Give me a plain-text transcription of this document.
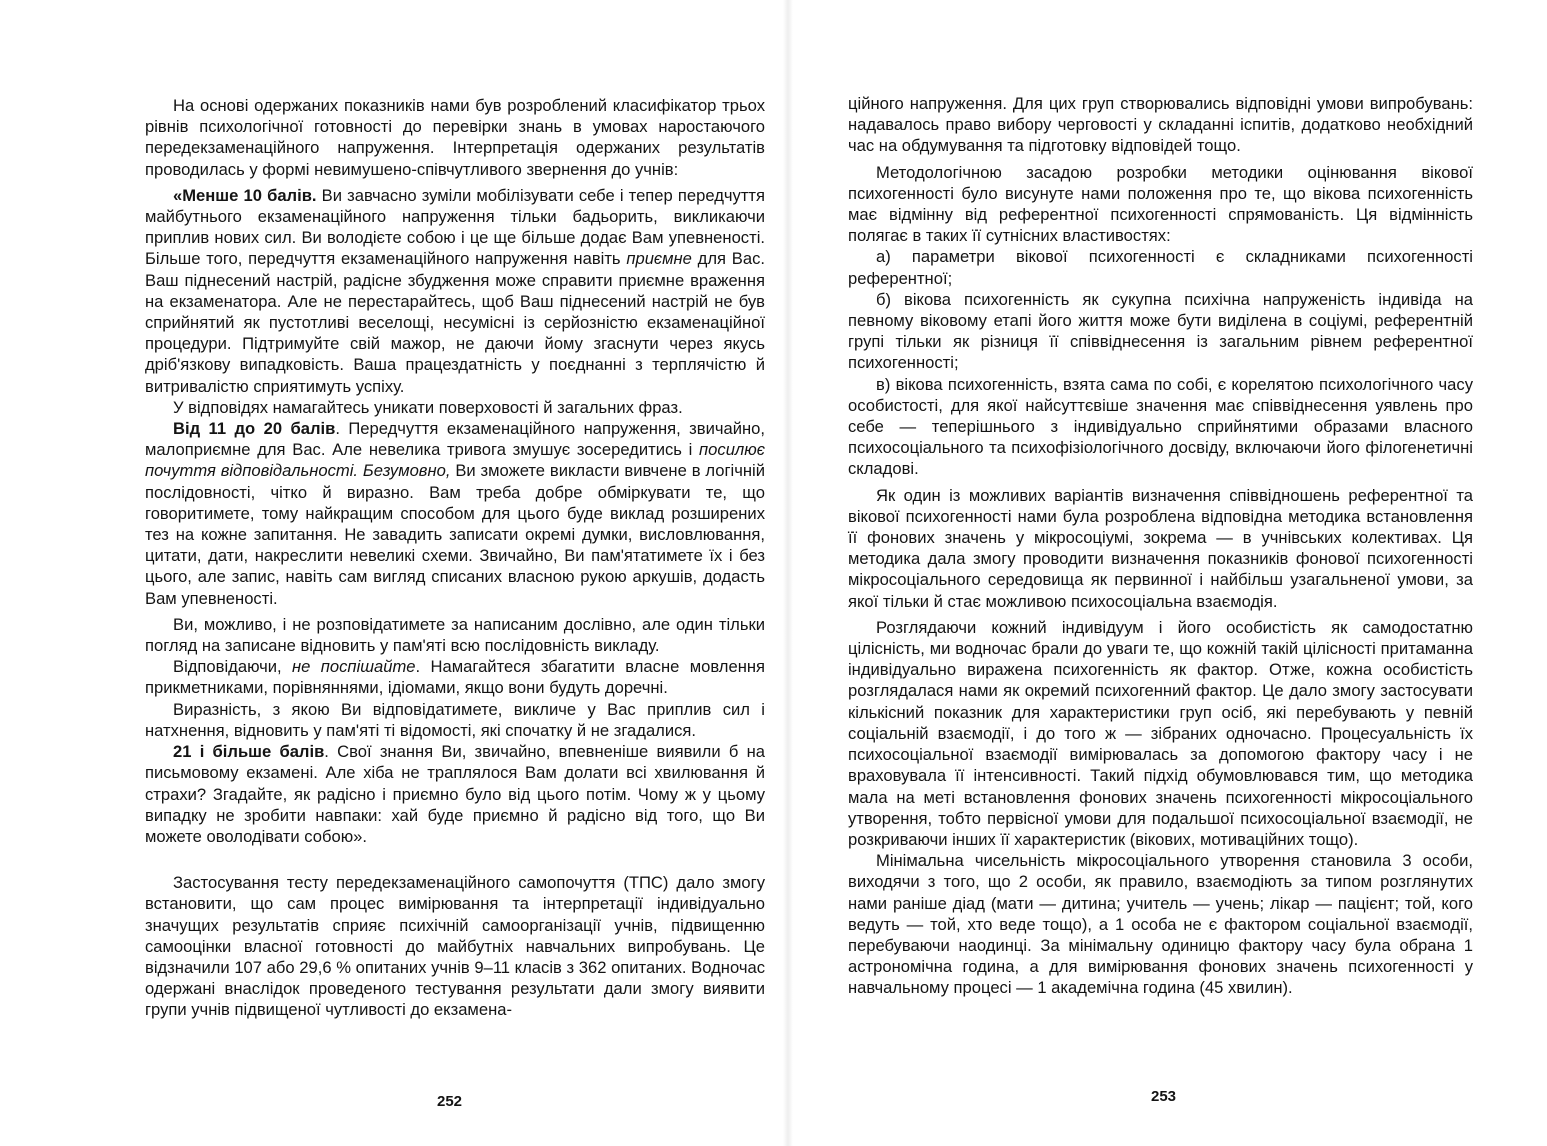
На основі одержаних показників нами був розроблений класифікатор трьох рівнів психологічної готовності до перевірки знань в умовах наростаючого передекзаменаційного напруження. Інтерпретація одержаних результатів проводилась у формі невимушено-співчутливого звернення до учнів:

«Менше 10 балів. Ви завчасно зуміли мобілізувати себе і тепер передчуття майбутнього екзаменаційного напруження тільки бадьорить, викликаючи приплив нових сил. Ви володієте собою і це ще більше додає Вам упевненості. Більше того, передчуття екзаменаційного напруження навіть приємне для Вас. Ваш піднесений настрій, радісне збудження може справити приємне враження на екзаменатора. Але не перестарайтесь, щоб Ваш піднесений настрій не був сприйнятий як пустотливі веселощі, несумісні із серйозністю екзаменаційної процедури. Підтримуйте свій мажор, не даючи йому згаснути через якусь дріб'язкову випадковість. Ваша працездатність у поєднанні з терплячістю й витривалістю сприятимуть успіху.

У відповідях намагайтесь уникати поверховості й загальних фраз.

Від 11 до 20 балів. Передчуття екзаменаційного напруження, звичайно, малоприємне для Вас. Але невелика тривога змушує зосередитись і посилює почуття відповідальності. Безумовно, Ви зможете викласти вивчене в логічній послідовності, чітко й виразно. Вам треба добре обміркувати те, що говоритимете, тому найкращим способом для цього буде виклад розширених тез на кожне запитання. Не завадить записати окремі думки, висловлювання, цитати, дати, накреслити невеликі схеми. Звичайно, Ви пам'ятатимете їх і без цього, але запис, навіть сам вигляд списаних власною рукою аркушів, додасть Вам упевненості.

Ви, можливо, і не розповідатимете за написаним дослівно, але один тільки погляд на записане відновить у пам'яті всю послідовність викладу.

Відповідаючи, не поспішайте. Намагайтеся збагатити власне мовлення прикметниками, порівняннями, ідіомами, якщо вони будуть доречні.

Виразність, з якою Ви відповідатимете, викличе у Вас приплив сил і натхнення, відновить у пам'яті ті відомості, які спочатку й не згадалися.

21 і більше балів. Свої знання Ви, звичайно, впевненіше виявили б на письмовому екзамені. Але хіба не траплялося Вам долати всі хвилювання й страхи? Згадайте, як радісно і приємно було від цього потім. Чому ж у цьому випадку не зробити навпаки: хай буде приємно й радісно від того, що Ви можете оволодівати собою».

Застосування тесту передекзаменаційного самопочуття (ТПС) дало змогу встановити, що сам процес вимірювання та інтерпретації індивідуально значущих результатів сприяє психічній самоорганізації учнів, підвищенню самооцінки власної готовності до майбутніх навчальних випробувань. Це відзначили 107 або 29,6 % опитаних учнів 9–11 класів з 362 опитаних. Водночас одержані внаслідок проведеного тестування результати дали змогу виявити групи учнів підвищеної чутливості до екзамена-

252

ційного напруження. Для цих груп створювались відповідні умови випробувань: надавалось право вибору черговості у складанні іспитів, додатково необхідний час на обдумування та підготовку відповідей тощо.

Методологічною засадою розробки методики оцінювання вікової психогенності було висунуте нами положення про те, що вікова психогенність має відмінну від референтної психогенності спрямованість. Ця відмінність полягає в таких її сутнісних властивостях:

а) параметри вікової психогенності є складниками психогенності референтної;

б) вікова психогенність як сукупна психічна напруженість індивіда на певному віковому етапі його життя може бути виділена в соціумі, референтній групі тільки як різниця її співвіднесення із загальним рівнем референтної психогенності;

в) вікова психогенність, взята сама по собі, є корелятою психологічного часу особистості, для якої найсуттєвіше значення має співвіднесення уявлень про себе — теперішнього з індивідуально сприйнятими образами власного психосоціального та психофізіологічного досвіду, включаючи його філогенетичні складові.

Як один із можливих варіантів визначення співвідношень референтної та вікової психогенності нами була розроблена відповідна методика встановлення її фонових значень у мікросоціумі, зокрема — в учнівських колективах. Ця методика дала змогу проводити визначення показників фонової психогенності мікросоціального середовища як первинної і найбільш узагальненої умови, за якої тільки й стає можливою психосоціальна взаємодія.

Розглядаючи кожний індивідуум і його особистість як самодостатню цілісність, ми водночас брали до уваги те, що кожній такій цілісності притаманна індивідуально виражена психогенність як фактор. Отже, кожна особистість розглядалася нами як окремий психогенний фактор. Це дало змогу застосувати кількісний показник для характеристики груп осіб, які перебувають у певній соціальній взаємодії, і до того ж — зібраних одночасно. Процесуальність їх психосоціальної взаємодії вимірювалась за допомогою фактору часу і не враховувала її інтенсивності. Такий підхід обумовлювався тим, що методика мала на меті встановлення фонових значень психогенності мікросоціального утворення, тобто первісної умови для подальшої психосоціальної взаємодії, не розкриваючи інших її характеристик (вікових, мотиваційних тощо).

Мінімальна чисельність мікросоціального утворення становила 3 особи, виходячи з того, що 2 особи, як правило, взаємодіють за типом розглянутих нами раніше діад (мати — дитина; учитель — учень; лікар — пацієнт; той, кого ведуть — той, хто веде тощо), а 1 особа не є фактором соціальної взаємодії, перебуваючи наодинці. За мінімальну одиницю фактору часу була обрана 1 астрономічна година, а для вимірювання фонових значень психогенності у навчальному процесі — 1 академічна година (45 хвилин).

253
